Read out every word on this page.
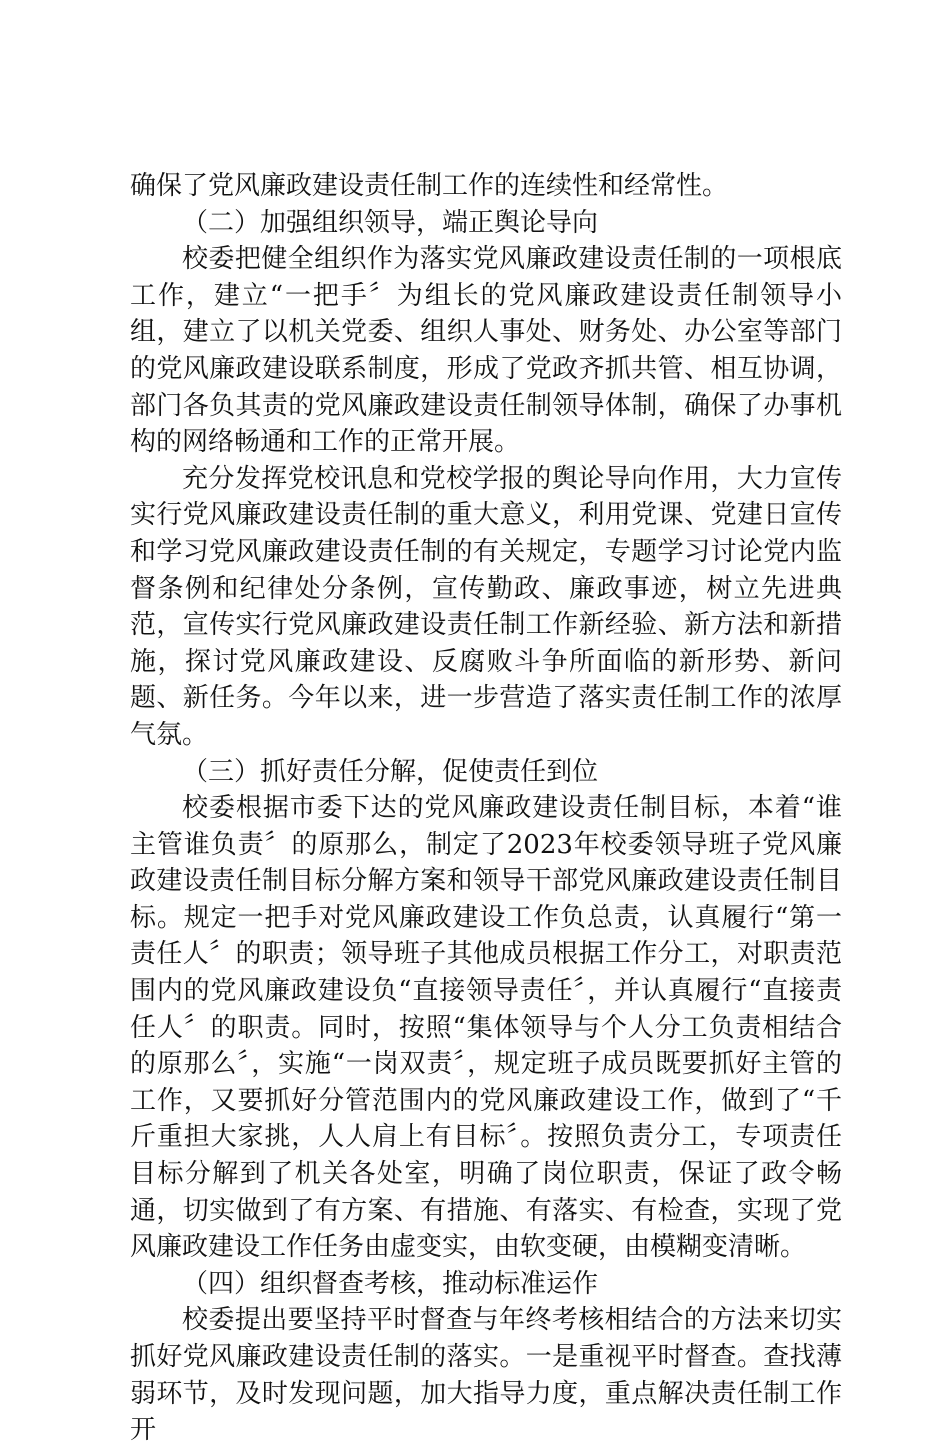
确保了党风廉政建设责任制工作的连续性和经常性。

（二）加强组织领导，端正舆论导向

校委把健全组织作为落实党风廉政建设责任制的一项根底工作，建立“一把手〞为组长的党风廉政建设责任制领导小组，建立了以机关党委、组织人事处、财务处、办公室等部门的党风廉政建设联系制度，形成了党政齐抓共管、相互协调，部门各负其责的党风廉政建设责任制领导体制，确保了办事机构的网络畅通和工作的正常开展。

充分发挥党校讯息和党校学报的舆论导向作用，大力宣传实行党风廉政建设责任制的重大意义，利用党课、党建日宣传和学习党风廉政建设责任制的有关规定，专题学习讨论党内监督条例和纪律处分条例，宣传勤政、廉政事迹，树立先进典范，宣传实行党风廉政建设责任制工作新经验、新方法和新措施，探讨党风廉政建设、反腐败斗争所面临的新形势、新问题、新任务。今年以来，进一步营造了落实责任制工作的浓厚气氛。

（三）抓好责任分解，促使责任到位

校委根据市委下达的党风廉政建设责任制目标，本着“谁主管谁负责〞的原那么，制定了2023年校委领导班子党风廉政建设责任制目标分解方案和领导干部党风廉政建设责任制目标。规定一把手对党风廉政建设工作负总责，认真履行“第一责任人〞的职责；领导班子其他成员根据工作分工，对职责范围内的党风廉政建设负“直接领导责任〞，并认真履行“直接责任人〞的职责。同时，按照“集体领导与个人分工负责相结合的原那么〞，实施“一岗双责〞，规定班子成员既要抓好主管的工作，又要抓好分管范围内的党风廉政建设工作，做到了“千斤重担大家挑，人人肩上有目标〞。按照负责分工，专项责任目标分解到了机关各处室，明确了岗位职责，保证了政令畅通，切实做到了有方案、有措施、有落实、有检查，实现了党风廉政建设工作任务由虚变实，由软变硬，由模糊变清晰。

（四）组织督查考核，推动标准运作

校委提出要坚持平时督查与年终考核相结合的方法来切实抓好党风廉政建设责任制的落实。一是重视平时督查。查找薄弱环节，及时发现问题，加大指导力度，重点解决责任制工作开
